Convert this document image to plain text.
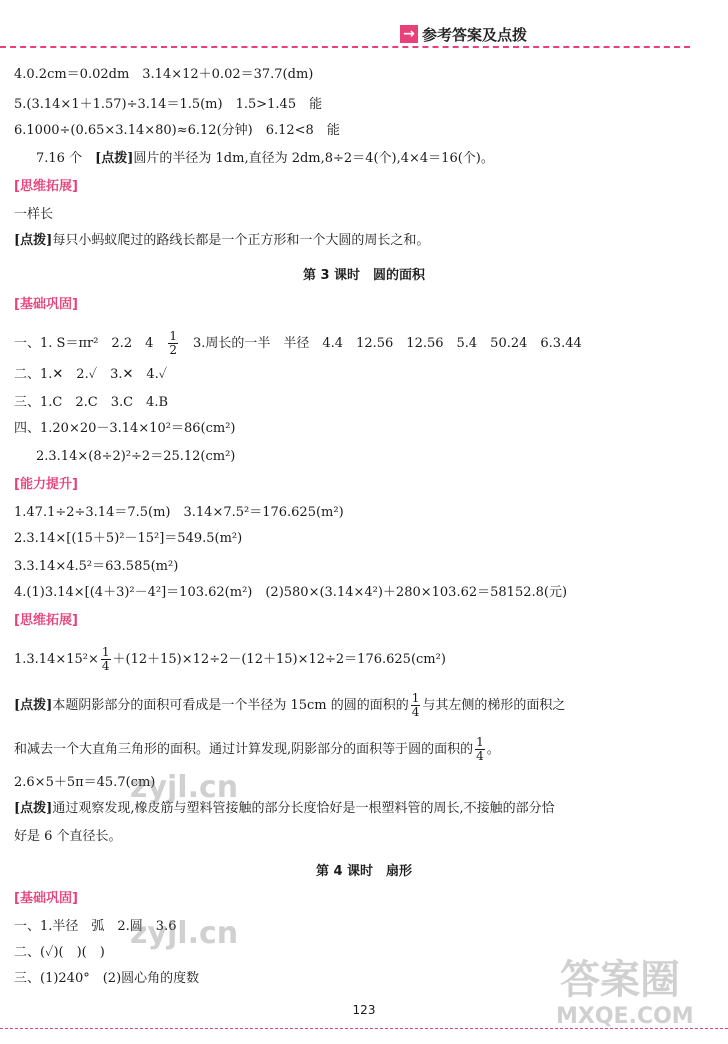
→ 参考答案及点拨
4.0.2cm＝0.02dm　3.14×12＋0.02＝37.7(dm)
5.(3.14×1＋1.57)÷3.14＝1.5(m)　1.5>1.45　能
6.1000÷(0.65×3.14×80)≈6.12(分钟)　6.12<8　能
7.16 个　[点拨]圆片的半径为 1dm,直径为 2dm,8÷2＝4(个),4×4＝16(个)。
[思维拓展]
一样长
[点拨]每只小蚂蚁爬过的路线长都是一个正方形和一个大圆的周长之和。
第 3 课时　圆的面积
[基础巩固]
一、1. S＝πr²　2.2　4　 $\frac{1}{2}$ 　3.周长的一半　半径　4.4　12.56　12.56　5.4　50.24　6.3.44
二、1.✕　2.✓　3.✕　4.✓
三、1.C　2.C　3.C　4.B
四、1.20×20－3.14×10²＝86(cm²)
2.3.14×(8÷2)²÷2＝25.12(cm²)
[能力提升]
1.47.1÷2÷3.14＝7.5(m)　3.14×7.5²＝176.625(m²)
2.3.14×[(15＋5)²－15²]＝549.5(m²)
3.3.14×4.5²＝63.585(m²)
4.(1)3.14×[(4＋3)²－4²]＝103.62(m²)　(2)580×(3.14×4²)＋280×103.62＝58152.8(元)
[思维拓展]
$1.3.14\times 15^2\times \frac{1}{4} +(12+15)\times 12\div 2-(12+15)\times 12\div 2=176.625(cm^2)$
[点拨]本题阴影部分的面积可看成是一个半径为 15cm 的圆的面积的 $\frac{1}{4}$ 与其左侧的梯形的面积之
和减去一个大直角三角形的面积。通过计算发现,阴影部分的面积等于圆的面积的 $\frac{1}{4}$ 。
2.6×5＋5π＝45.7(cm)
[点拨]通过观察发现,橡皮筋与塑料管接触的部分长度恰好是一根塑料管的周长,不接触的部分恰
好是 6 个直径长。
第 4 课时　扇形
[基础巩固]
一、1.半径　弧　2.圆　3.6
二、(✓)(　)(　)
三、(1)240°　(2)圆心角的度数
123
zyjl.cn
zyjl.cn
答案圈
MXQE.COM
